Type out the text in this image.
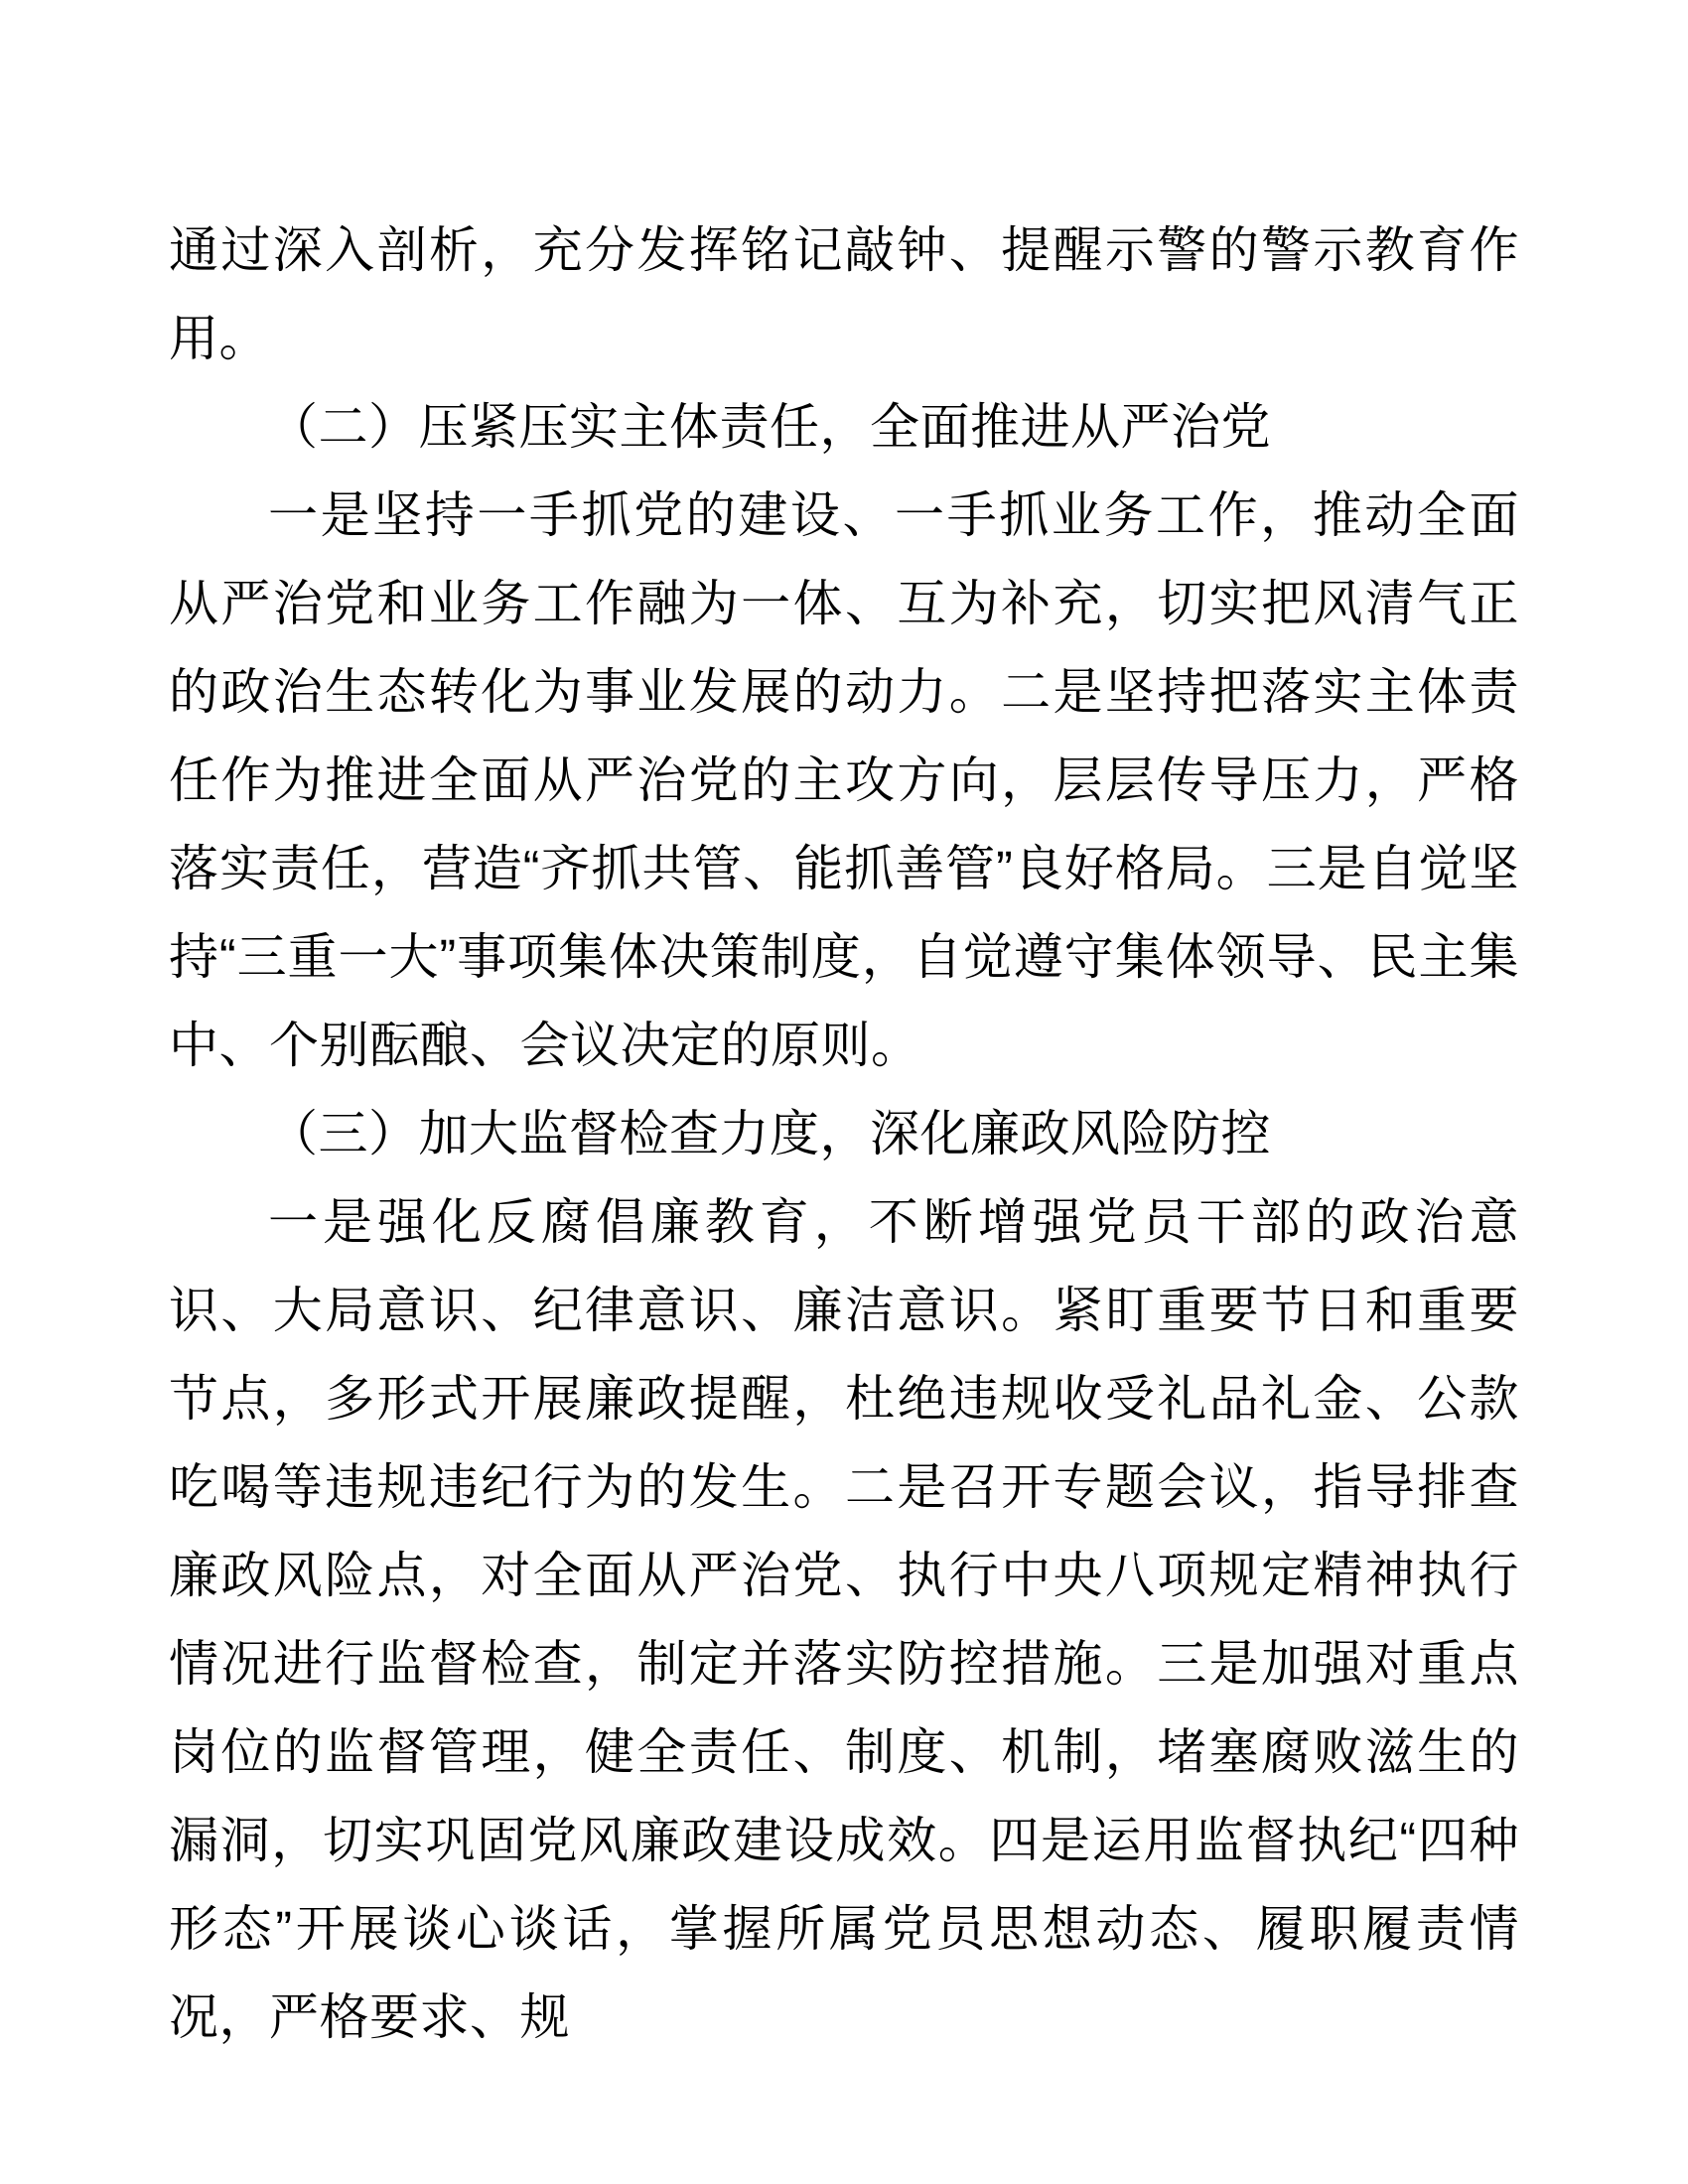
通过深入剖析，充分发挥铭记敲钟、提醒示警的警示教育作用。

（二）压紧压实主体责任，全面推进从严治党

一是坚持一手抓党的建设、一手抓业务工作，推动全面从严治党和业务工作融为一体、互为补充，切实把风清气正的政治生态转化为事业发展的动力。二是坚持把落实主体责任作为推进全面从严治党的主攻方向，层层传导压力，严格落实责任，营造“齐抓共管、能抓善管”良好格局。三是自觉坚持“三重一大”事项集体决策制度，自觉遵守集体领导、民主集中、个别酝酿、会议决定的原则。

（三）加大监督检查力度，深化廉政风险防控

一是强化反腐倡廉教育，不断增强党员干部的政治意识、大局意识、纪律意识、廉洁意识。紧盯重要节日和重要节点，多形式开展廉政提醒，杜绝违规收受礼品礼金、公款吃喝等违规违纪行为的发生。二是召开专题会议，指导排查廉政风险点，对全面从严治党、执行中央八项规定精神执行情况进行监督检查，制定并落实防控措施。三是加强对重点岗位的监督管理，健全责任、制度、机制，堵塞腐败滋生的漏洞，切实巩固党风廉政建设成效。四是运用监督执纪“四种形态”开展谈心谈话，掌握所属党员思想动态、履职履责情况，严格要求、规
